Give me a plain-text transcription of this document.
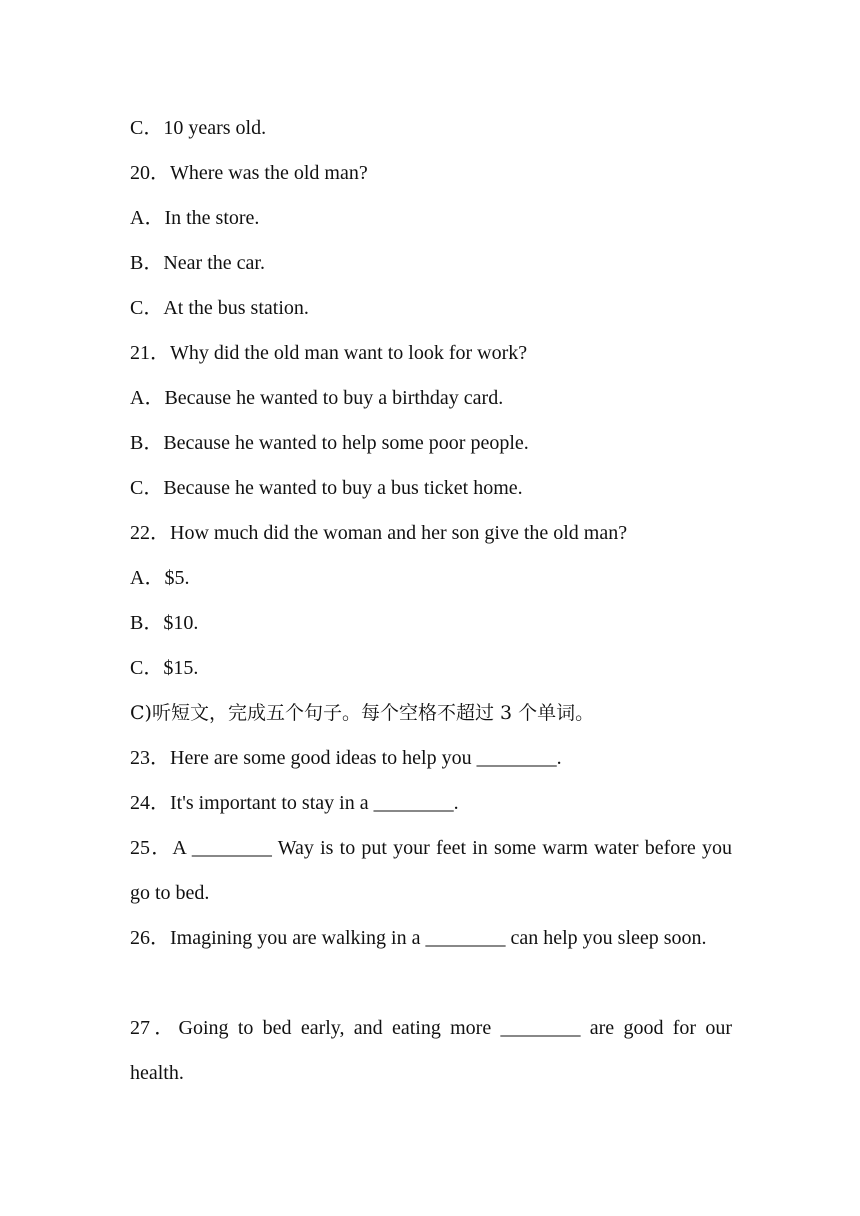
C．10 years old.
20．Where was the old man?
A．In the store.
B．Near the car.
C．At the bus station.
21．Why did the old man want to look for work?
A．Because he wanted to buy a birthday card.
B．Because he wanted to help some poor people.
C．Because he wanted to buy a bus ticket home.
22．How much did the woman and her son give the old man?
A．$5.
B．$10.
C．$15.
C)听短文，完成五个句子。每个空格不超过 3 个单词。
23．Here are some good ideas to help you ________.
24．It's important to stay in a ________.
25．A ________ Way is to put your feet in some warm water before you go to bed.
26．Imagining you are walking in a ________ can help you sleep soon.
27．Going to bed early, and eating more ________ are good for our health.
